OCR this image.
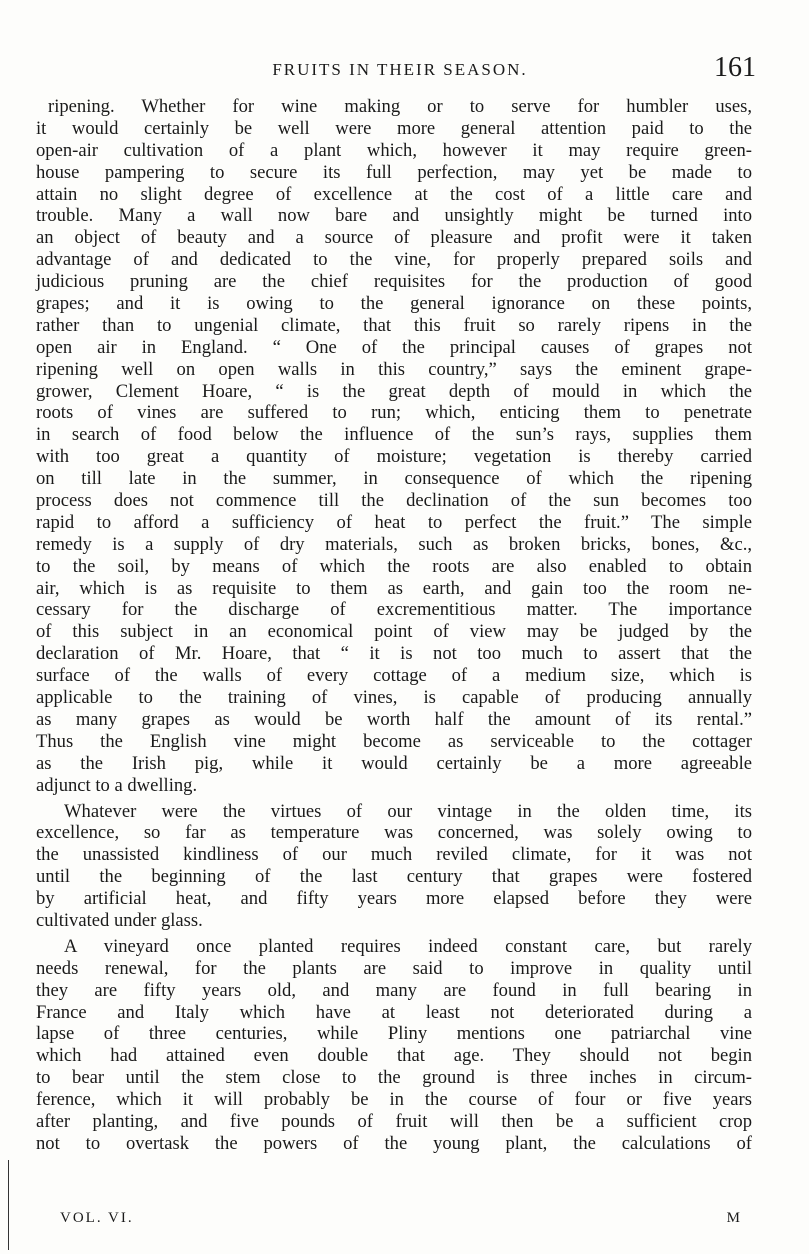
FRUITS IN THEIR SEASON.	161
ripening. Whether for wine making or to serve for humbler uses,
it would certainly be well were more general attention paid to the
open-air cultivation of a plant which, however it may require green-
house pampering to secure its full perfection, may yet be made to
attain no slight degree of excellence at the cost of a little care and
trouble. Many a wall now bare and unsightly might be turned into
an object of beauty and a source of pleasure and profit were it taken
advantage of and dedicated to the vine, for properly prepared soils and
judicious pruning are the chief requisites for the production of good
grapes; and it is owing to the general ignorance on these points,
rather than to ungenial climate, that this fruit so rarely ripens in the
open air in England. “ One of the principal causes of grapes not
ripening well on open walls in this country,” says the eminent grape-
grower, Clement Hoare, “ is the great depth of mould in which the
roots of vines are suffered to run; which, enticing them to penetrate
in search of food below the influence of the sun’s rays, supplies them
with too great a quantity of moisture; vegetation is thereby carried
on till late in the summer, in consequence of which the ripening
process does not commence till the declination of the sun becomes too
rapid to afford a sufficiency of heat to perfect the fruit.” The simple
remedy is a supply of dry materials, such as broken bricks, bones, &c.,
to the soil, by means of which the roots are also enabled to obtain
air, which is as requisite to them as earth, and gain too the room ne-
cessary for the discharge of excrementitious matter. The importance
of this subject in an economical point of view may be judged by the
declaration of Mr. Hoare, that “ it is not too much to assert that the
surface of the walls of every cottage of a medium size, which is
applicable to the training of vines, is capable of producing annually
as many grapes as would be worth half the amount of its rental.”
Thus the English vine might become as serviceable to the cottager
as the Irish pig, while it would certainly be a more agreeable
adjunct to a dwelling.
Whatever were the virtues of our vintage in the olden time, its
excellence, so far as temperature was concerned, was solely owing to
the unassisted kindliness of our much reviled climate, for it was not
until the beginning of the last century that grapes were fostered
by artificial heat, and fifty years more elapsed before they were
cultivated under glass.
A vineyard once planted requires indeed constant care, but rarely
needs renewal, for the plants are said to improve in quality until
they are fifty years old, and many are found in full bearing in
France and Italy which have at least not deteriorated during a
lapse of three centuries, while Pliny mentions one patriarchal vine
which had attained even double that age. They should not begin
to bear until the stem close to the ground is three inches in circum-
ference, which it will probably be in the course of four or five years
after planting, and five pounds of fruit will then be a sufficient crop
not to overtask the powers of the young plant, the calculations of
VOL. VI.	M
